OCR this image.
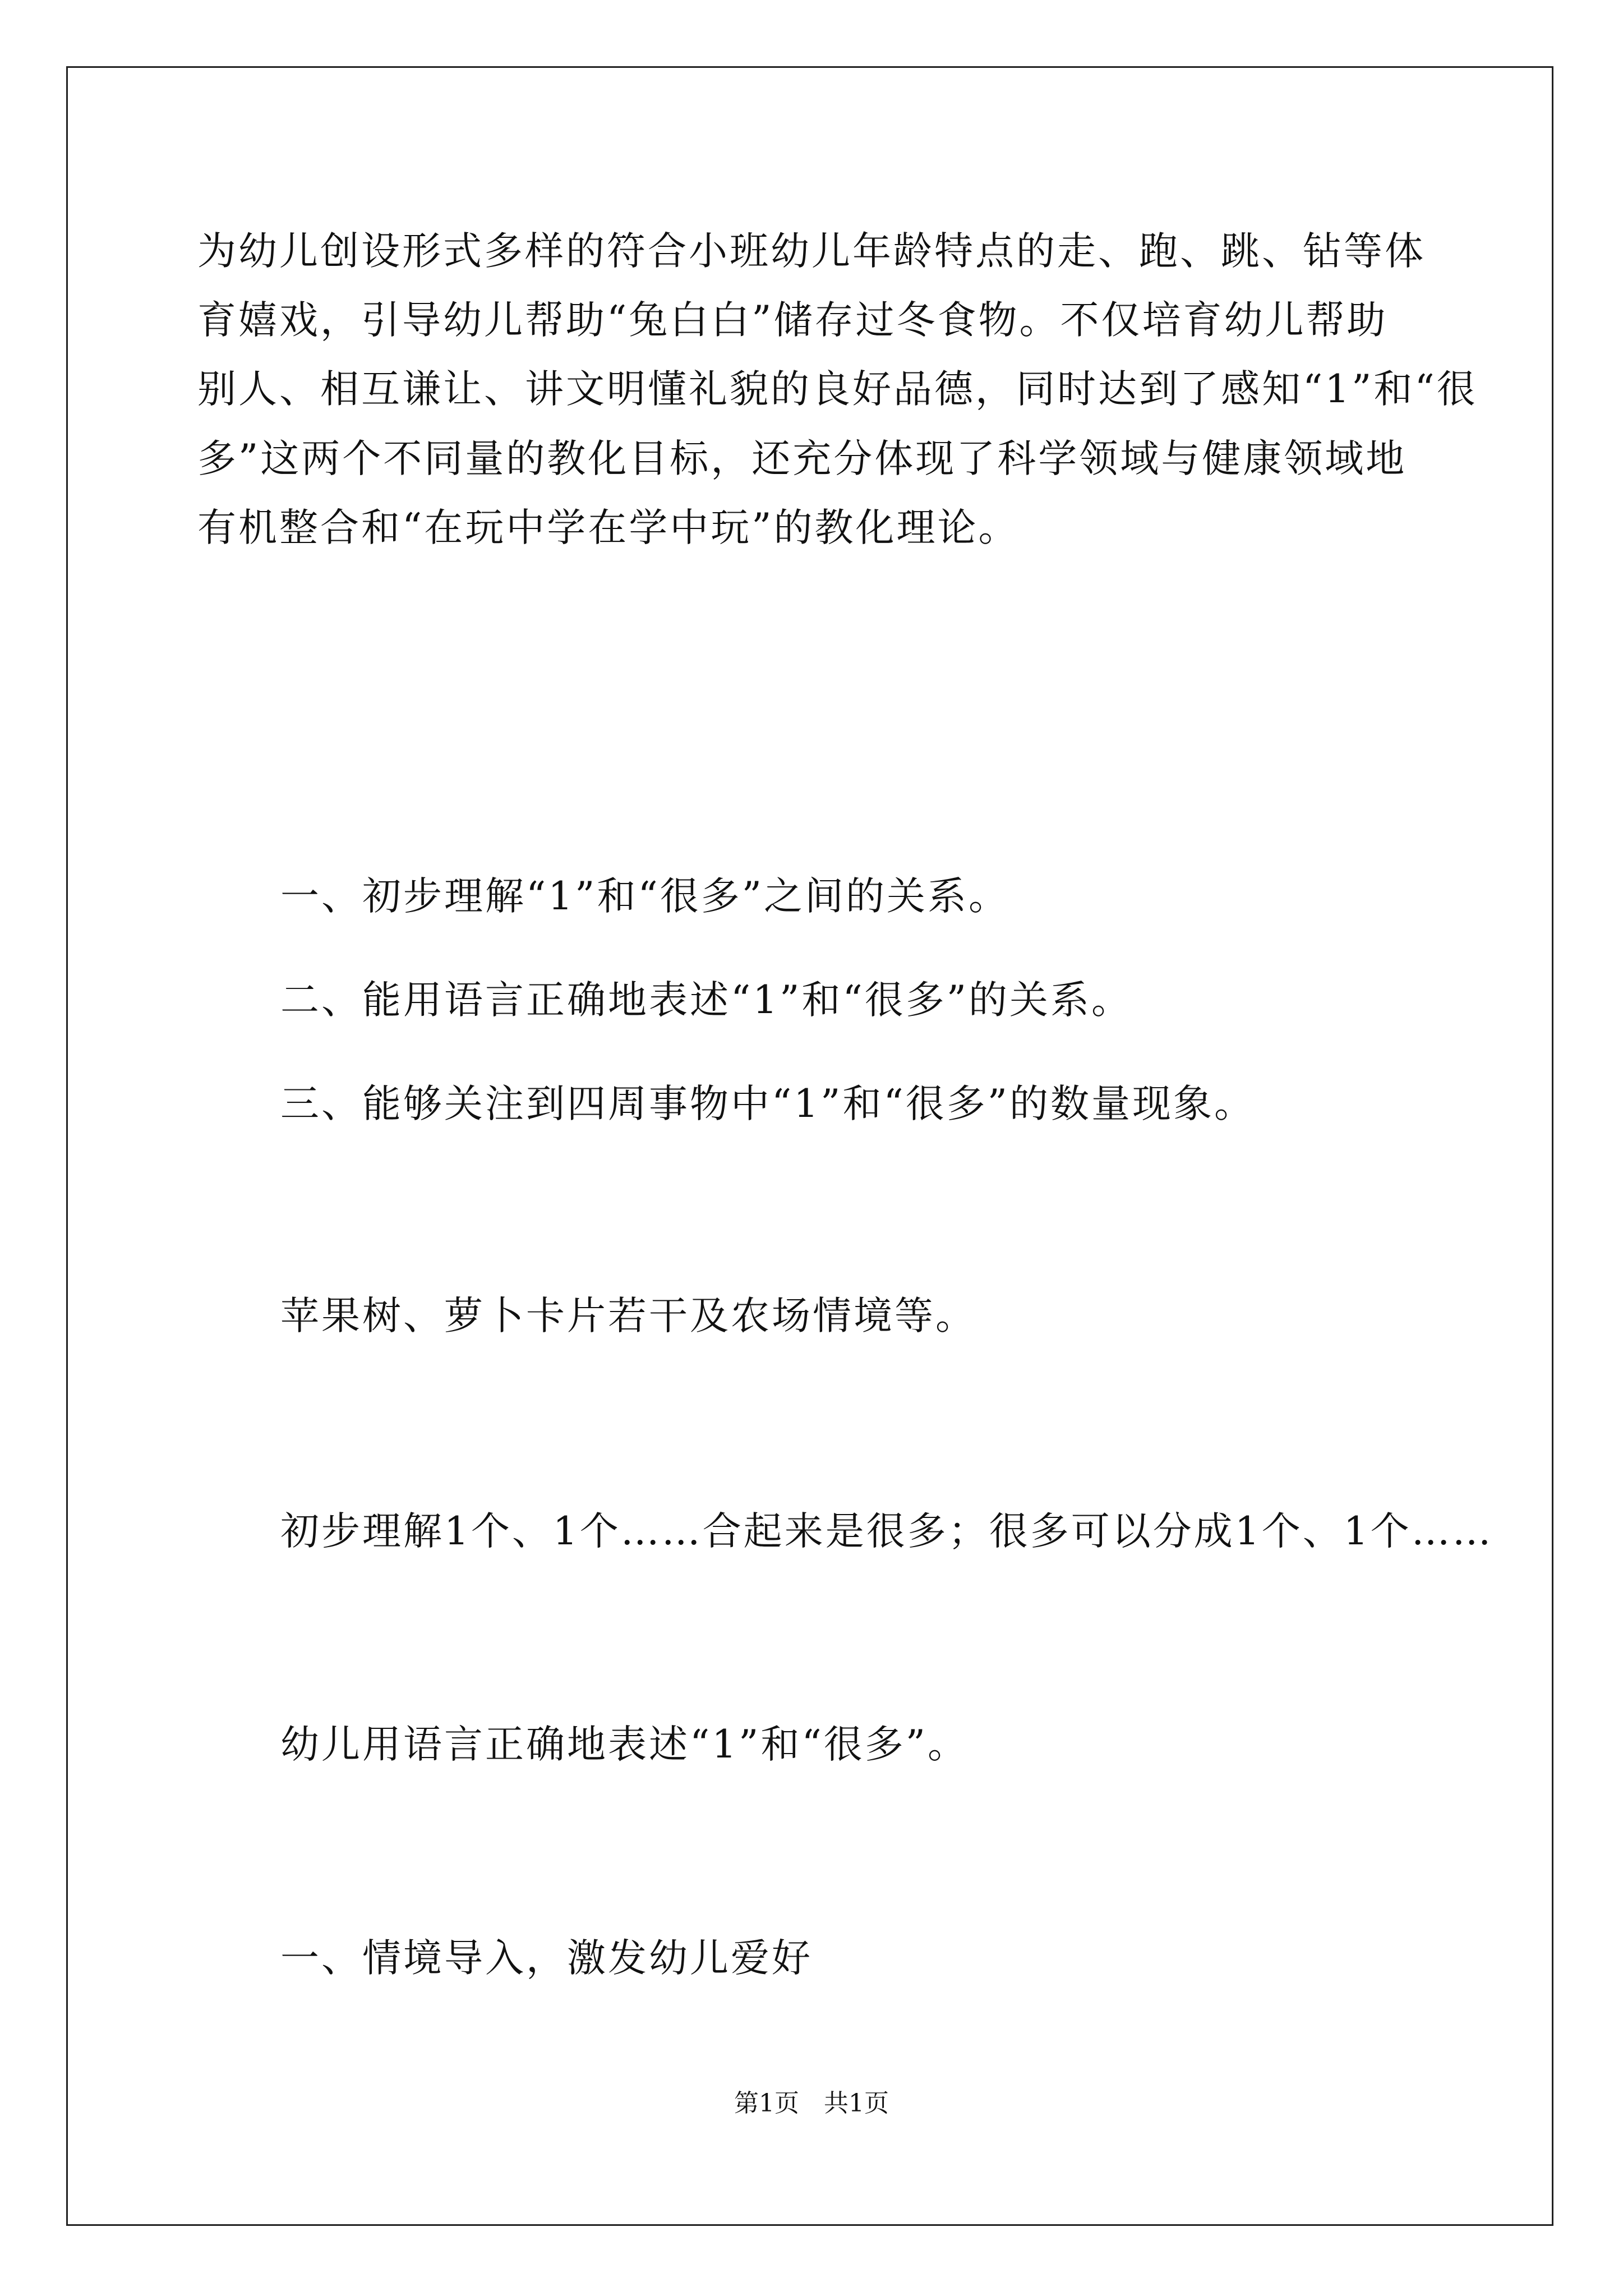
为幼儿创设形式多样的符合小班幼儿年龄特点的走、跑、跳、钻等体
育嬉戏，引导幼儿帮助“兔白白”储存过冬食物。不仅培育幼儿帮助
别人、相互谦让、讲文明懂礼貌的良好品德，同时达到了感知“1”和“很
多”这两个不同量的教化目标，还充分体现了科学领域与健康领域地
有机整合和“在玩中学在学中玩”的教化理论。
一、初步理解“1”和“很多”之间的关系。
二、能用语言正确地表述“1”和“很多”的关系。
三、能够关注到四周事物中“1”和“很多”的数量现象。
苹果树、萝卜卡片若干及农场情境等。
初步理解1个、1个……合起来是很多；很多可以分成1个、1个……
幼儿用语言正确地表述“1”和“很多”。
一、情境导入，激发幼儿爱好
第1页　共1页
